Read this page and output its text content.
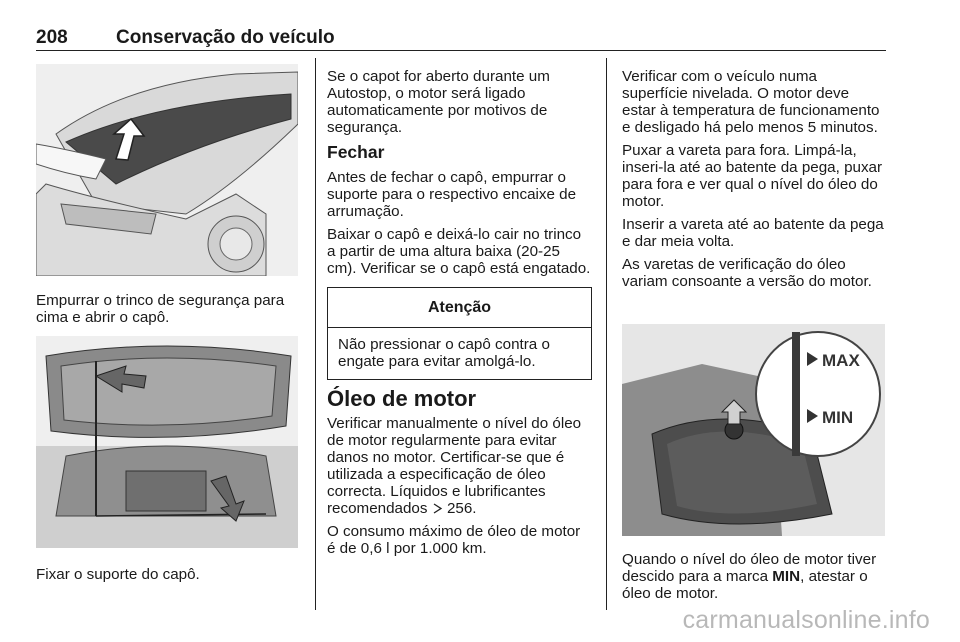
208	Conservação do veículo

Empurrar o trinco de segurança para cima e abrir o capô.

Fixar o suporte do capô.

Se o capot for aberto durante um Autostop, o motor será ligado automaticamente por motivos de segurança.

Fechar

Antes de fechar o capô, empurrar o suporte para o respectivo encaixe de arrumação.

Baixar o capô e deixá-lo cair no trinco a partir de uma altura baixa (20-25 cm). Verificar se o capô está engatado.

Atenção
Não pressionar o capô contra o engate para evitar amolgá-lo.
Óleo de motor

Verificar manualmente o nível do óleo de motor regularmente para evitar danos no motor. Certificar-se que é utilizada a especificação de óleo correcta. Líquidos e lubrificantes recomendados 256.

O consumo máximo de óleo de motor é de 0,6 l por 1.000 km.

Verificar com o veículo numa superfície nivelada. O motor deve estar à temperatura de funcionamento e desligado há pelo menos 5 minutos.

Puxar a vareta para fora. Limpá-la, inseri-la até ao batente da pega, puxar para fora e ver qual o nível do óleo do motor.

Inserir a vareta até ao batente da pega e dar meia volta.

As varetas de verificação do óleo variam consoante a versão do motor.

MAX
MIN

Quando o nível do óleo de motor tiver descido para a marca MIN, atestar o óleo de motor.

carmanualsonline.info
